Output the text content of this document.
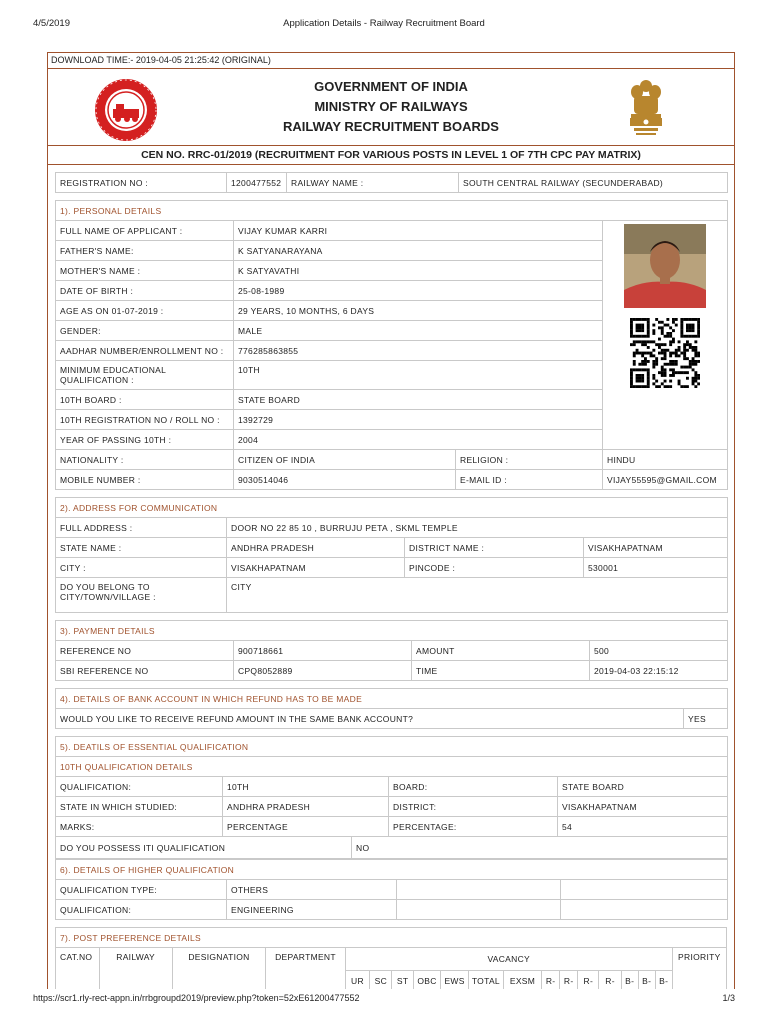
4/5/2019	Application Details - Railway Recruitment Board
DOWNLOAD TIME:- 2019-04-05 21:25:42 (ORIGINAL)
GOVERNMENT OF INDIA
MINISTRY OF RAILWAYS
RAILWAY RECRUITMENT BOARDS
CEN NO. RRC-01/2019 (RECRUITMENT FOR VARIOUS POSTS IN LEVEL 1 OF 7TH CPC PAY MATRIX)
REGISTRATION NO :	1200477552	RAILWAY NAME :	SOUTH CENTRAL RAILWAY (SECUNDERABAD)
1). PERSONAL DETAILS			
FULL NAME OF APPLICANT :	VIJAY KUMAR KARRI	

FATHER'S NAME:	K SATYANARAYANA		
MOTHER'S NAME :	K SATYAVATHI		
DATE OF BIRTH :	25-08-1989		
AGE AS ON 01-07-2019 :	29 YEARS, 10 MONTHS, 6 DAYS		
GENDER:	MALE		
AADHAR NUMBER/ENROLLMENT NO :	776285863855		
MINIMUM EDUCATIONAL QUALIFICATION :	10TH		
10TH BOARD :	STATE BOARD		
10TH REGISTRATION NO / ROLL NO :	1392729		
YEAR OF PASSING 10TH :	2004		
NATIONALITY :	CITIZEN OF INDIA	RELIGION :	HINDU
MOBILE NUMBER :	9030514046	E-MAIL ID :	VIJAY55595@GMAIL.COM
2). ADDRESS FOR COMMUNICATION			
FULL ADDRESS :	DOOR NO 22 85 10 , BURRUJU PETA , SKML TEMPLE		
STATE NAME :	ANDHRA PRADESH	DISTRICT NAME :	VISAKHAPATNAM
CITY :	VISAKHAPATNAM	PINCODE :	530001
DO YOU BELONG TO CITY/TOWN/VILLAGE :	CITY		
3). PAYMENT DETAILS			
REFERENCE NO	900718661	AMOUNT	500
SBI REFERENCE NO	CPQ8052889	TIME	2019-04-03 22:15:12
4). DETAILS OF BANK ACCOUNT IN WHICH REFUND HAS TO BE MADE
WOULD YOU LIKE TO RECEIVE REFUND AMOUNT IN THE SAME BANK ACCOUNT?	YES
5). DEATILS OF ESSENTIAL QUALIFICATION				
10TH QUALIFICATION DETAILS				
QUALIFICATION:	10TH		BOARD:	STATE BOARD
STATE IN WHICH STUDIED:	ANDHRA PRADESH		DISTRICT:	VISAKHAPATNAM
MARKS:	PERCENTAGE		PERCENTAGE:	54
DO YOU POSSESS ITI QUALIFICATION		NO		
6). DETAILS OF HIGHER QUALIFICATION			
QUALIFICATION TYPE:	OTHERS		
QUALIFICATION:	ENGINEERING		
7). POST PREFERENCE DETAILS																		
CAT.NO	RAILWAY	DESIGNATION	DEPARTMENT	VACANCY														PRIORITY
				UR	SC	ST	OBC	EWS	TOTAL	EXSM	R-	R-	R-	R-	B-	B-	B-	
https://scr1.rly-rect-appn.in/rrbgroupd2019/preview.php?token=52xE61200477552	1/3
